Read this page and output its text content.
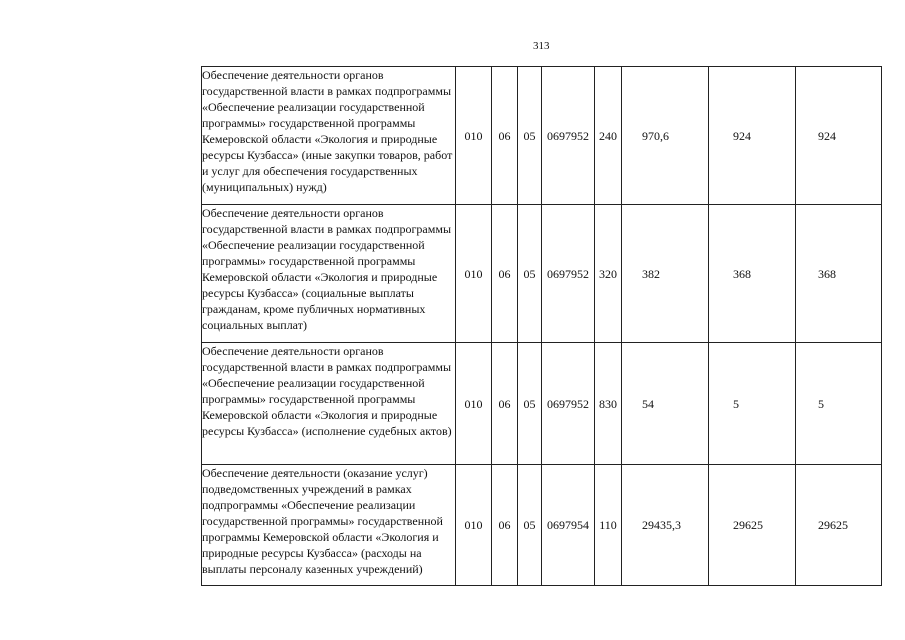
313
Обеспечение деятельности органов государственной власти в рамках подпрограммы «Обеспечение реализации государственной программы» государственной программы Кемеровской области «Экология и природные ресурсы Кузбасса» (иные закупки товаров, работ и услуг для обеспечения государственных (муниципальных) нужд)	010	06	05	0697952	240	970,6	924	924
Обеспечение деятельности органов государственной власти в рамках подпрограммы «Обеспечение реализации государственной программы» государственной программы Кемеровской области «Экология и природные ресурсы Кузбасса» (социальные выплаты гражданам, кроме публичных нормативных социальных выплат)	010	06	05	0697952	320	382	368	368
Обеспечение деятельности органов государственной власти в рамках подпрограммы «Обеспечение реализации государственной программы» государственной программы Кемеровской области «Экология и природные ресурсы Кузбасса» (исполнение судебных актов)	010	06	05	0697952	830	54	5	5
Обеспечение деятельности (оказание услуг) подведомственных учреждений в рамках подпрограммы «Обеспечение реализации государственной программы» государственной программы Кемеровской области «Экология и природные ресурсы Кузбасса» (расходы на выплаты персоналу казенных учреждений)	010	06	05	0697954	110	29435,3	29625	29625
